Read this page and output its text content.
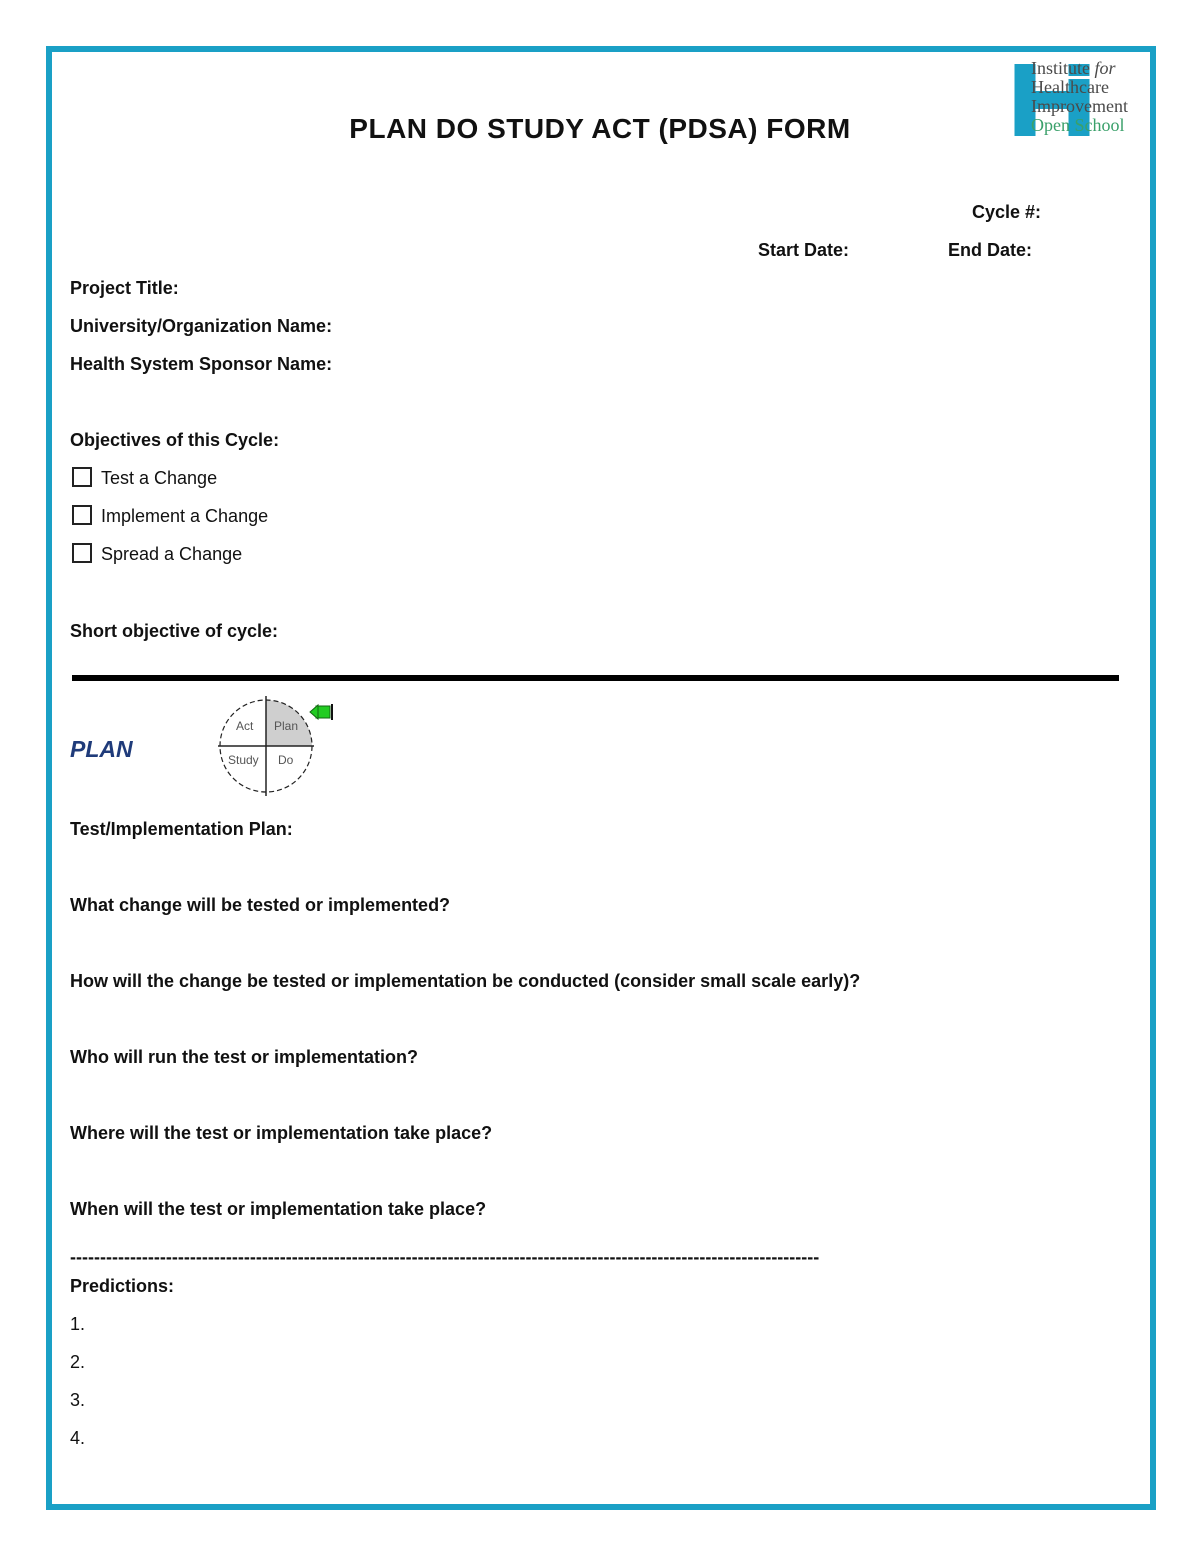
PLAN DO STUDY ACT (PDSA) FORM
Institute for
Healthcare
Improvement
Open School
Cycle #:
Start Date:	End Date:
Project Title:
University/Organization Name:
Health System Sponsor Name:
Objectives of this Cycle:
Test a Change
Implement a Change
Spread a Change
Short objective of cycle:
PLAN
Act Plan
Study Do
Test/Implementation Plan:
What change will be tested or implemented?
How will the change be tested or implementation be conducted (consider small scale early)?
Who will run the test or implementation?
Where will the test or implementation take place?
When will the test or implementation take place?
-----------------------------------------------------------------------------------------------------------------------------
Predictions:
1.
2.
3.
4.
